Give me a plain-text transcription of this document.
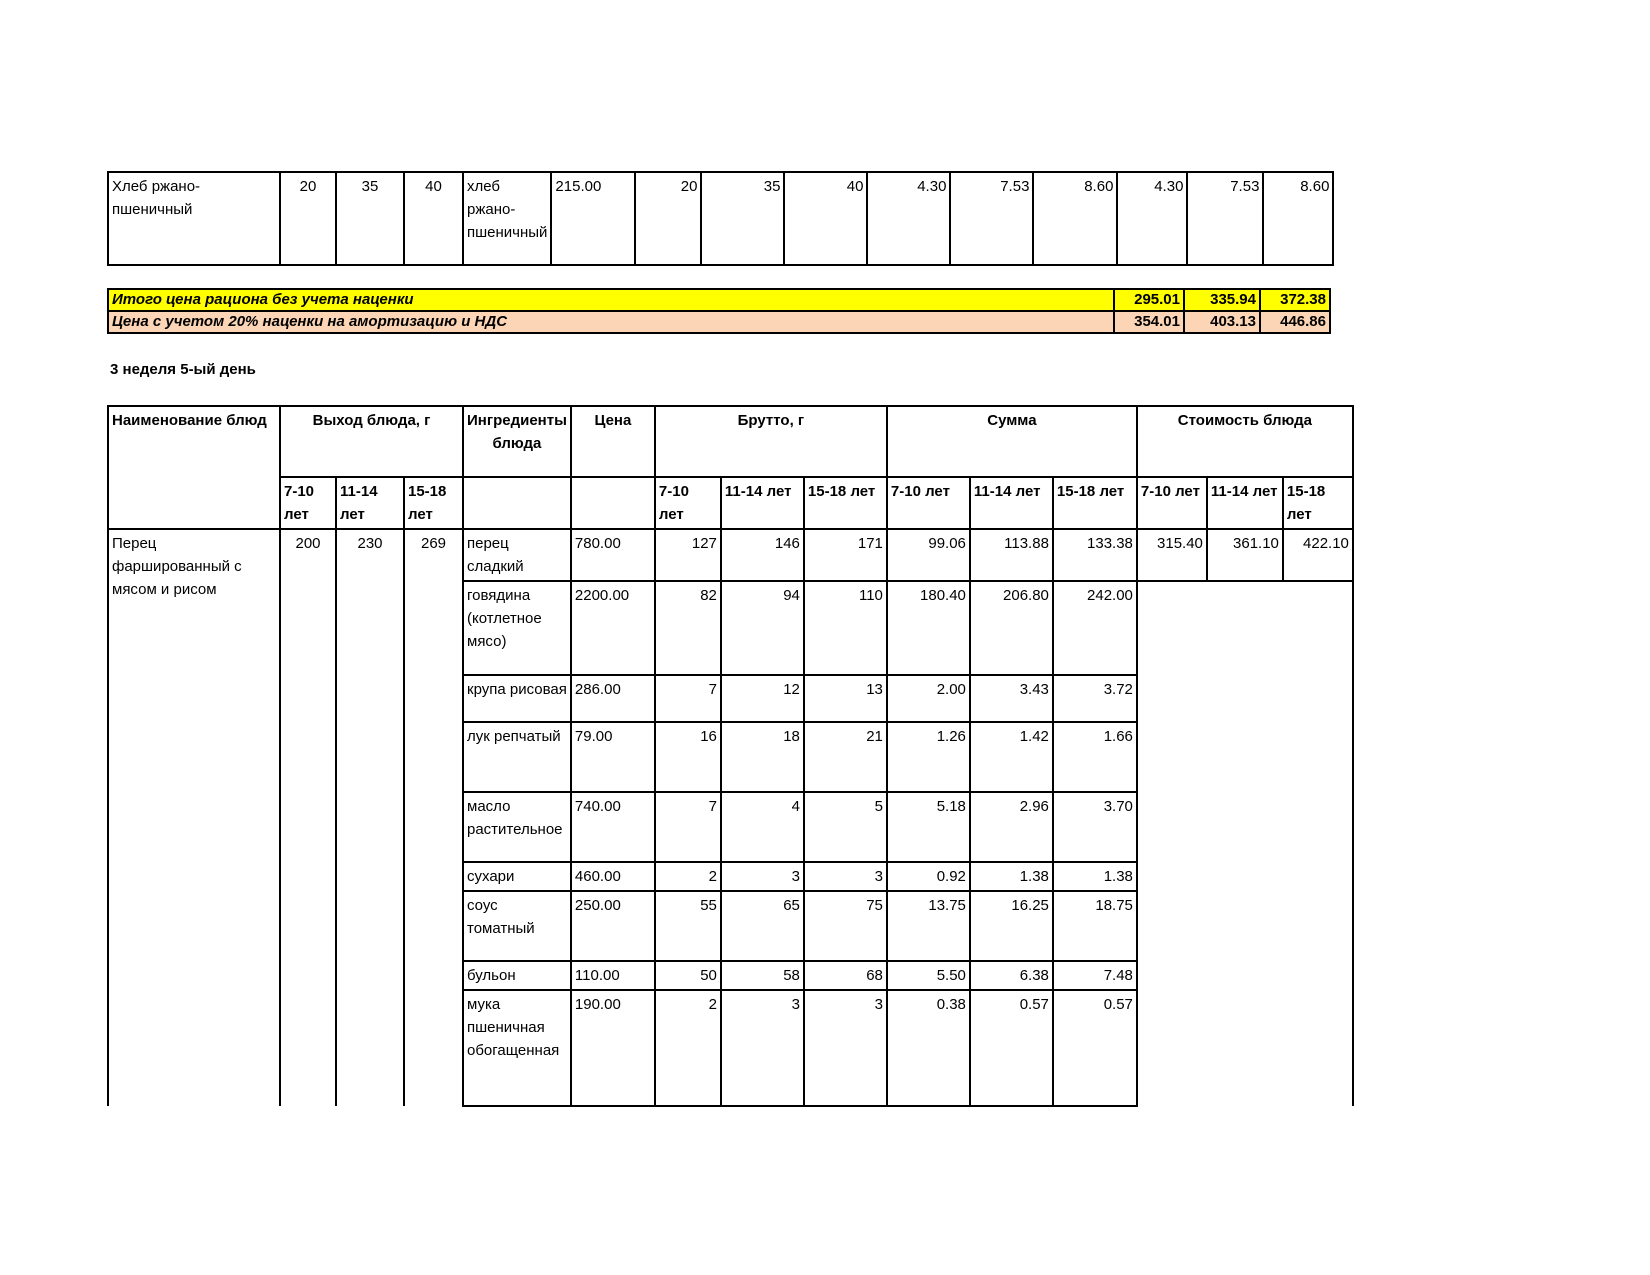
Хлеб ржано-пшеничный	20	35	40	хлеб ржано-пшеничный	215.00	20	35	40	4.30	7.53	8.60	4.30	7.53	8.60
Итого цена рациона без учета наценки	295.01	335.94	372.38
Цена с учетом 20% наценки на амортизацию и НДС	354.01	403.13	446.86
3 неделя 5-ый день
Наименование блюд	Выход блюда, г			Ингредиенты блюда	Цена	Брутто, г			Сумма			Стоимость блюда		
	7-10 лет	11-14 лет	15-18 лет			7-10 лет	11-14 лет	15-18 лет	7-10 лет	11-14 лет	15-18 лет	7-10 лет	11-14 лет	15-18 лет
Перец фаршированный с мясом и рисом	200	230	269	перец сладкий	780.00	127	146	171	99.06	113.88	133.38	315.40	361.10	422.10
				говядина (котлетное мясо)	2200.00	82	94	110	180.40	206.80	242.00			
				крупа рисовая	286.00	7	12	13	2.00	3.43	3.72			
				лук репчатый	79.00	16	18	21	1.26	1.42	1.66			
				масло растительное	740.00	7	4	5	5.18	2.96	3.70			
				сухари	460.00	2	3	3	0.92	1.38	1.38			
				соус томатный	250.00	55	65	75	13.75	16.25	18.75			
				бульон	110.00	50	58	68	5.50	6.38	7.48			
				мука пшеничная обогащенная	190.00	2	3	3	0.38	0.57	0.57			
